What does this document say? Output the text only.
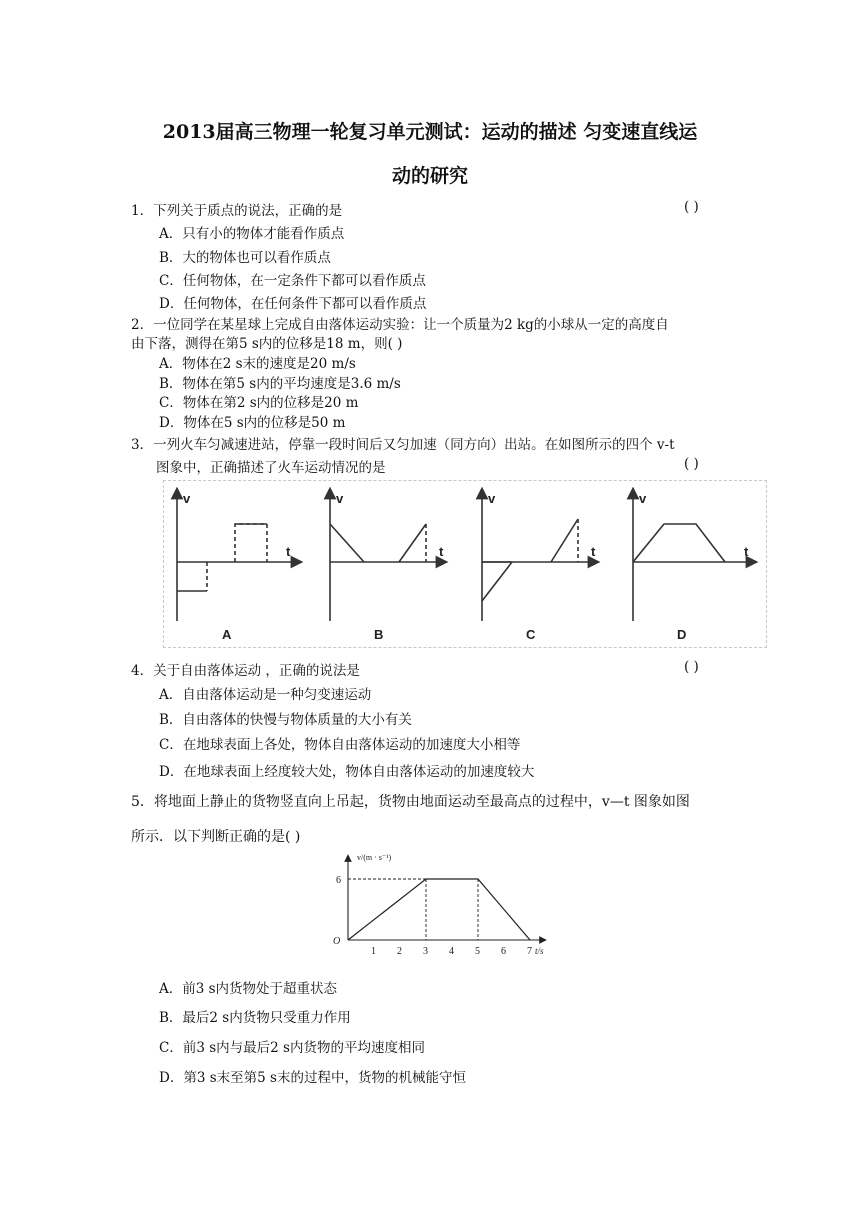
2013届高三物理一轮复习单元测试：运动的描述 匀变速直线运
动的研究
1．下列关于质点的说法，正确的是	( )
A．只有小的物体才能看作质点
B．大的物体也可以看作质点
C．任何物体，在一定条件下都可以看作质点
D．任何物体，在任何条件下都可以看作质点
2．一位同学在某星球上完成自由落体运动实验：让一个质量为2 kg的小球从一定的高度自
由下落，测得在第5 s内的位移是18 m，则( )
A．物体在2 s末的速度是20 m/s
B．物体在第5 s内的平均速度是3.6 m/s
C．物体在第2 s内的位移是20 m
D．物体在5 s内的位移是50 m
3．一列火车匀减速进站，停靠一段时间后又匀加速（同方向）出站。在如图所示的四个 v-t
图象中，正确描述了火车运动情况的是	( )
v
t
v
t
v
t
v
t
A	B	C	D
4．关于自由落体运动 ，正确的说法是	( )
A．自由落体运动是一种匀变速运动
B．自由落体的快慢与物体质量的大小有关
C．在地球表面上各处，物体自由落体运动的加速度大小相等
D．在地球表面上经度较大处，物体自由落体运动的加速度较大
5．将地面上静止的货物竖直向上吊起，货物由地面运动至最高点的过程中，v—t 图象如图
所示．以下判断正确的是( )
1 2 3 4 5 6 7
6
O
v/(m · s⁻¹)
t/s
A．前3 s内货物处于超重状态
B．最后2 s内货物只受重力作用
C．前3 s内与最后2 s内货物的平均速度相同
D．第3 s末至第5 s末的过程中，货物的机械能守恒
